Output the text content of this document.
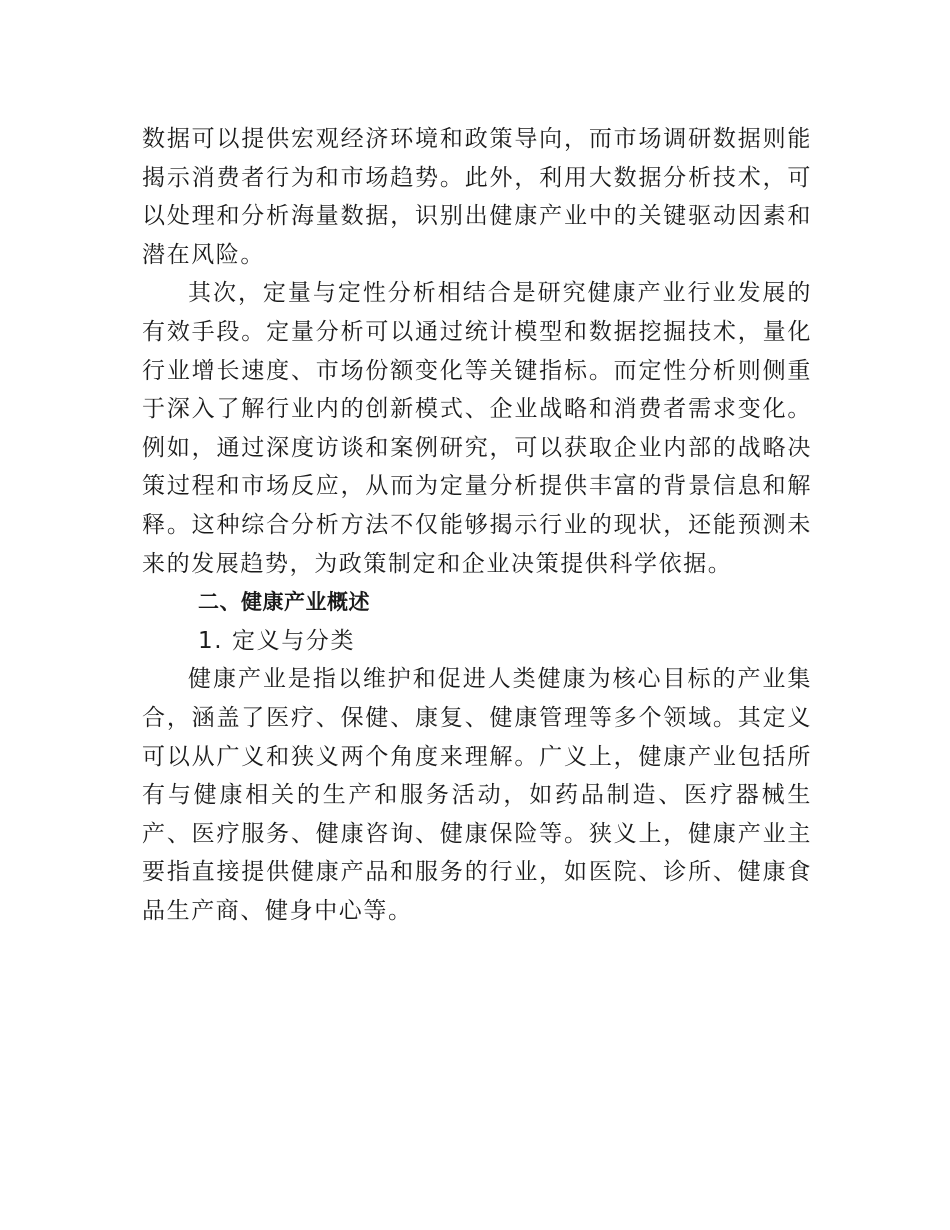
数据可以提供宏观经济环境和政策导向，而市场调研数据则能揭示消费者行为和市场趋势。此外，利用大数据分析技术，可以处理和分析海量数据，识别出健康产业中的关键驱动因素和潜在风险。

其次，定量与定性分析相结合是研究健康产业行业发展的有效手段。定量分析可以通过统计模型和数据挖掘技术，量化行业增长速度、市场份额变化等关键指标。而定性分析则侧重于深入了解行业内的创新模式、企业战略和消费者需求变化。例如，通过深度访谈和案例研究，可以获取企业内部的战略决策过程和市场反应，从而为定量分析提供丰富的背景信息和解释。这种综合分析方法不仅能够揭示行业的现状，还能预测未来的发展趋势，为政策制定和企业决策提供科学依据。

二、健康产业概述

1. 定义与分类

健康产业是指以维护和促进人类健康为核心目标的产业集合，涵盖了医疗、保健、康复、健康管理等多个领域。其定义可以从广义和狭义两个角度来理解。广义上，健康产业包括所有与健康相关的生产和服务活动，如药品制造、医疗器械生产、医疗服务、健康咨询、健康保险等。狭义上，健康产业主要指直接提供健康产品和服务的行业，如医院、诊所、健康食品生产商、健身中心等。
